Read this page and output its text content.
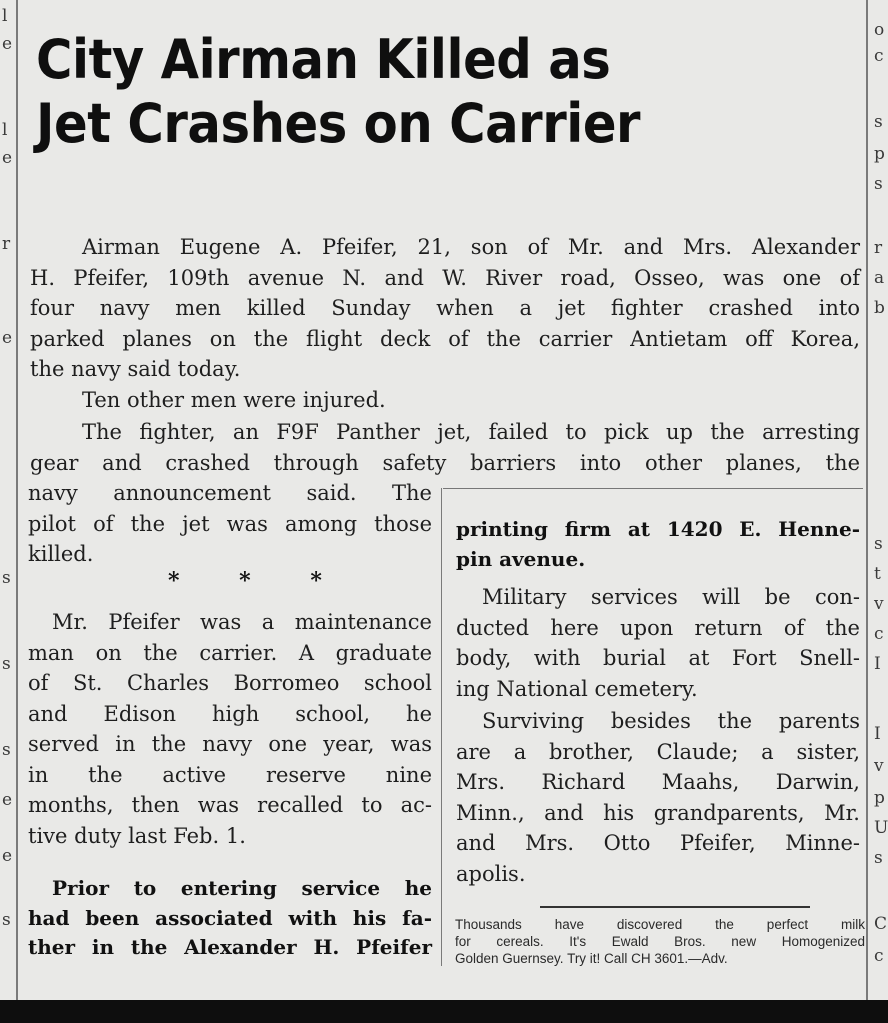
l
e
l
e
r
e
s
s
s
e
e
s
o
c
s
p
s
r
a
b
s
t
v
c
I
I
v
p
U
s
C
c
City Airman Killed as
Jet Crashes on Carrier
Airman Eugene A. Pfeifer, 21, son of Mr. and Mrs. Alexander
H. Pfeifer, 109th avenue N. and W. River road, Osseo, was one of
four navy men killed Sunday when a jet fighter crashed into
parked planes on the flight deck of the carrier Antietam off Korea,
the navy said today.
Ten other men were injured.
The fighter, an F9F Panther jet, failed to pick up the arresting
gear and crashed through safety barriers into other planes, the
navy announcement said. The
pilot of the jet was among those
killed.
* * *
Mr. Pfeifer was a maintenance
man on the carrier. A graduate
of St. Charles Borromeo school
and Edison high school, he
served in the navy one year, was
in the active reserve nine
months, then was recalled to ac-
tive duty last Feb. 1.
Prior to entering service he
had been associated with his fa-
ther in the Alexander H. Pfeifer
printing firm at 1420 E. Henne-
pin avenue.
Military services will be con-
ducted here upon return of the
body, with burial at Fort Snell-
ing National cemetery.
Surviving besides the parents
are a brother, Claude; a sister,
Mrs. Richard Maahs, Darwin,
Minn., and his grandparents, Mr.
and Mrs. Otto Pfeifer, Minne-
apolis.
Thousands have discovered the perfect milk
for cereals. It's Ewald Bros. new Homogenized
Golden Guernsey. Try it! Call CH 3601.—Adv.
